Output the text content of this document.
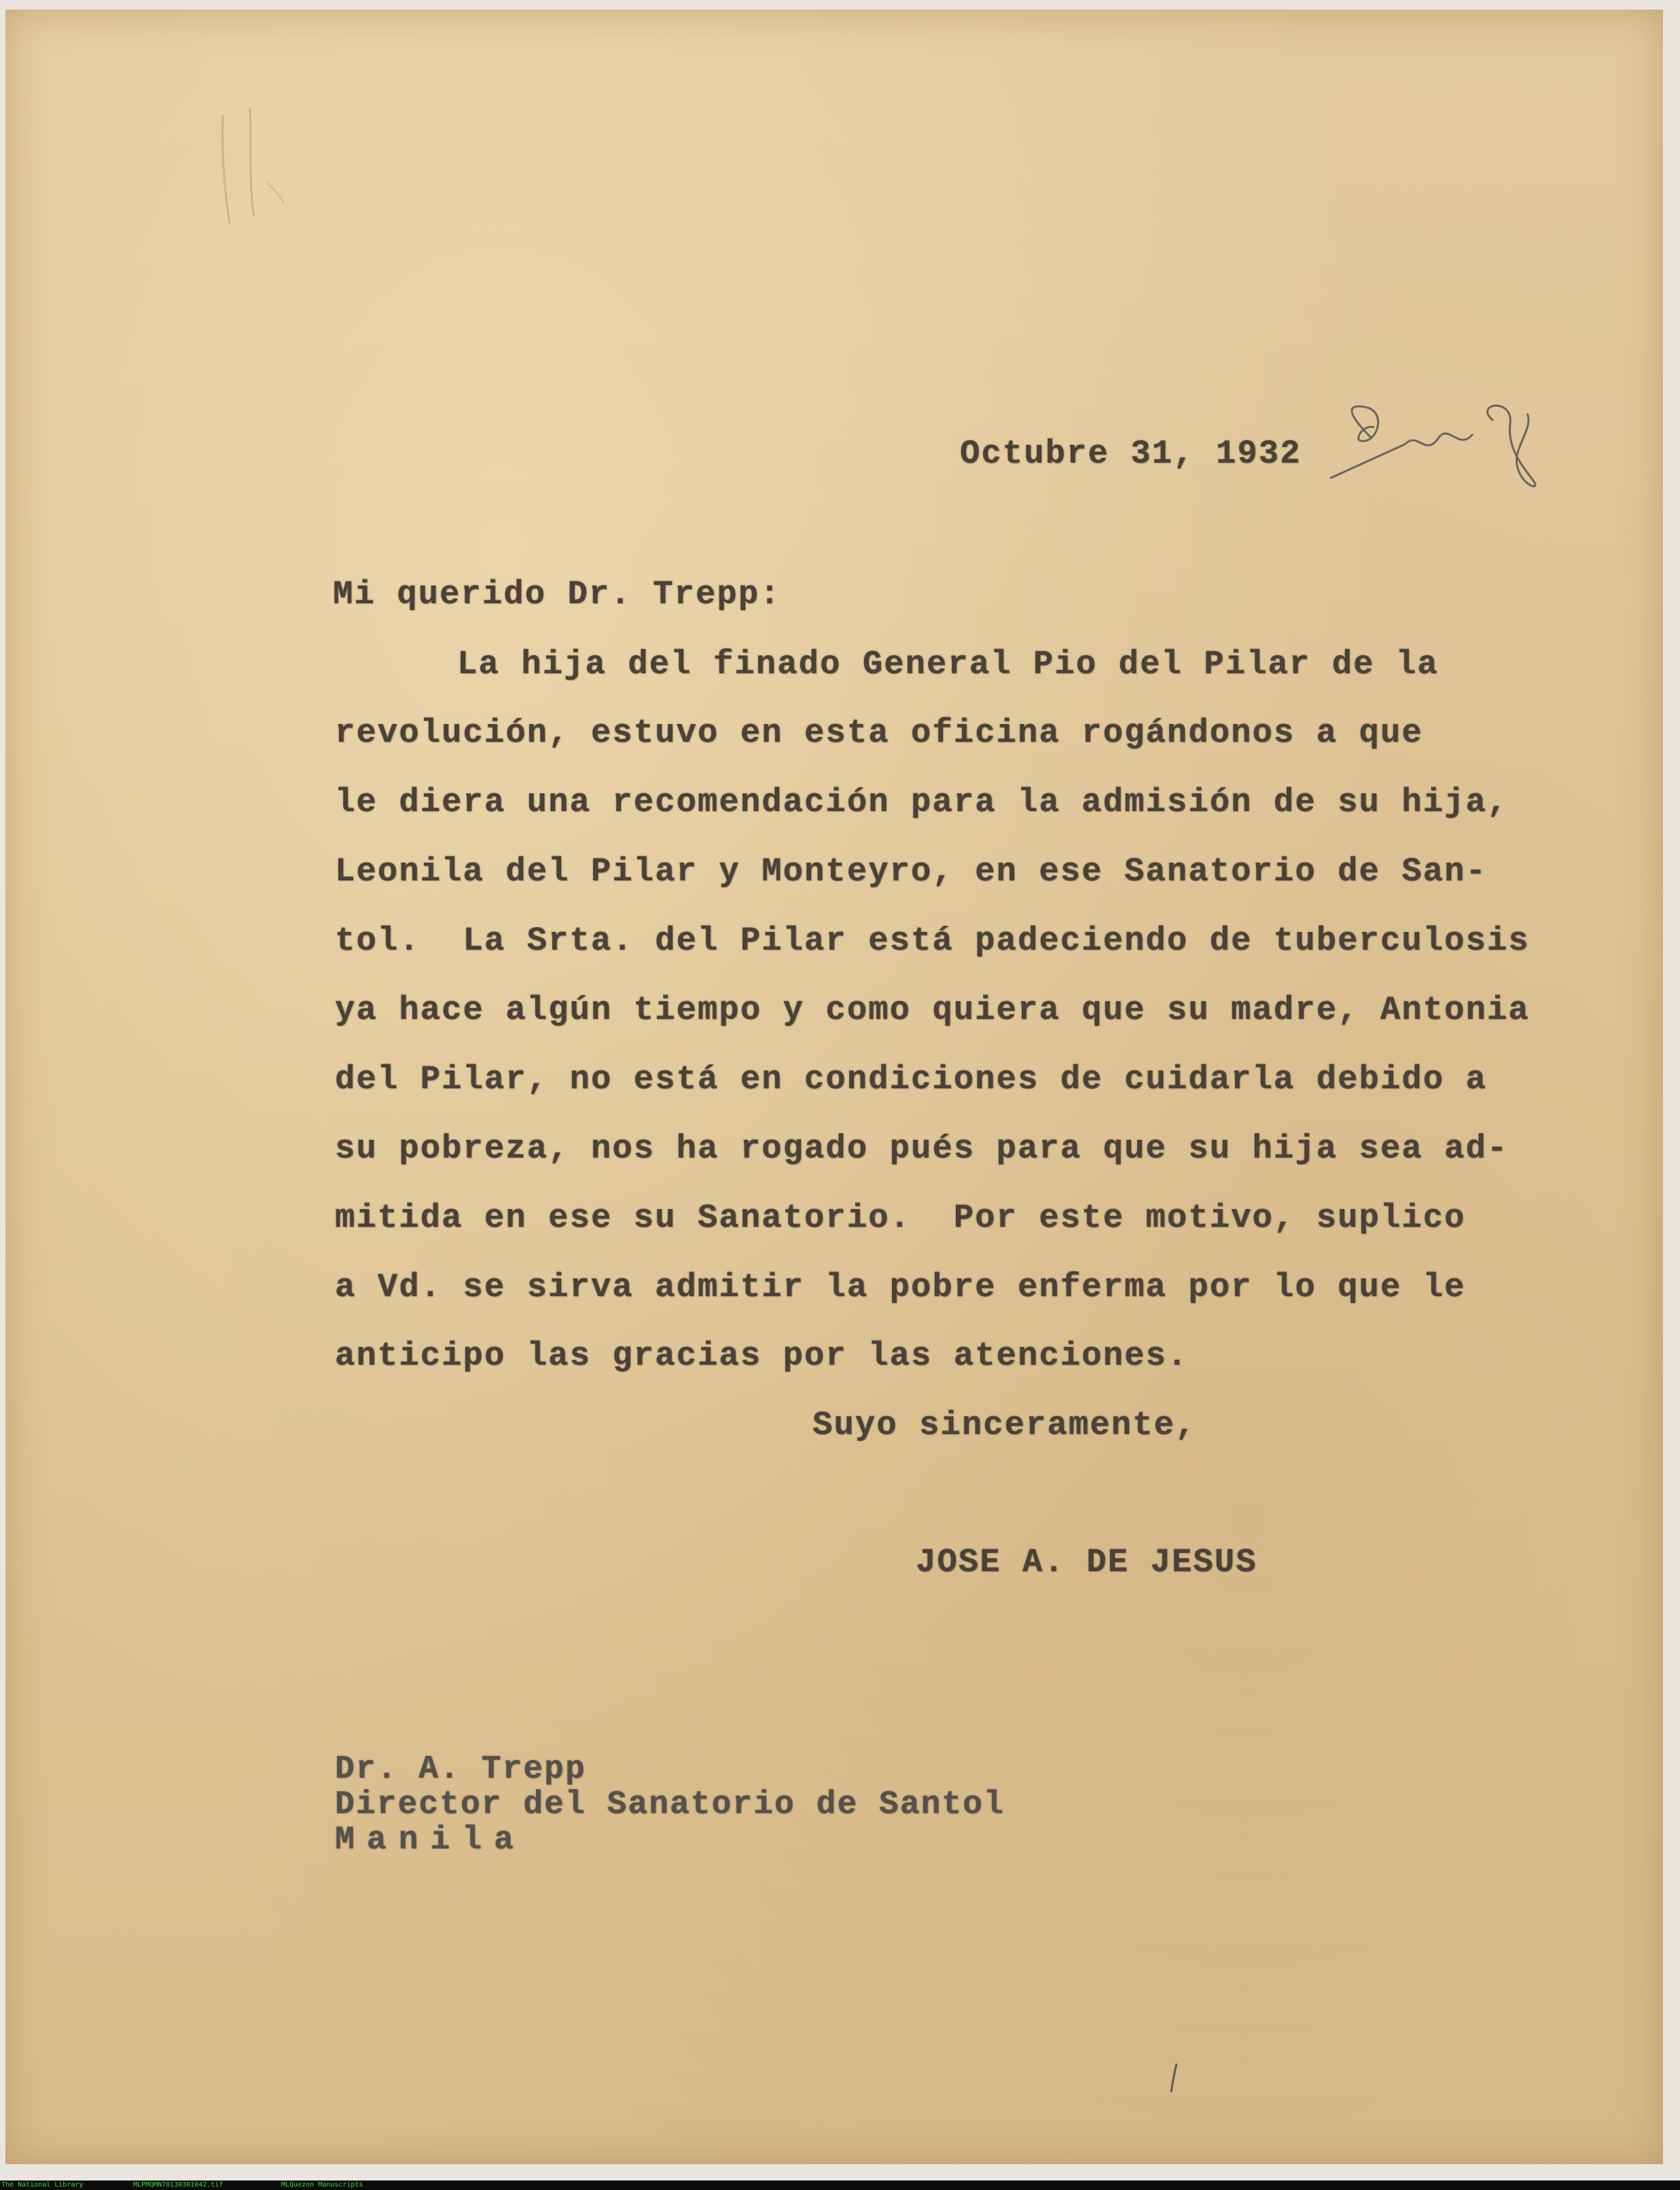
Octubre 31, 1932
Mi querido Dr. Trepp:
La hija del finado General Pio del Pilar de la
revolución, estuvo en esta oficina rogándonos a que
le diera una recomendación para la admisión de su hija,
Leonila del Pilar y Monteyro, en ese Sanatorio de San-
tol.  La Srta. del Pilar está padeciendo de tuberculosis
ya hace algún tiempo y como quiera que su madre, Antonia
del Pilar, no está en condiciones de cuidarla debido a
su pobreza, nos ha rogado pués para que su hija sea ad-
mitida en ese su Sanatorio.  Por este motivo, suplico
a Vd. se sirva admitir la pobre enferma por lo que le
anticipo las gracias por las atenciones.
Suyo sinceramente,
JOSE A. DE JESUS
Dr. A. Trepp
Director del Sanatorio de Santol
Manila
The National Library	MLPMQMN70130301042.tif	MLQuezon Manuscripts
